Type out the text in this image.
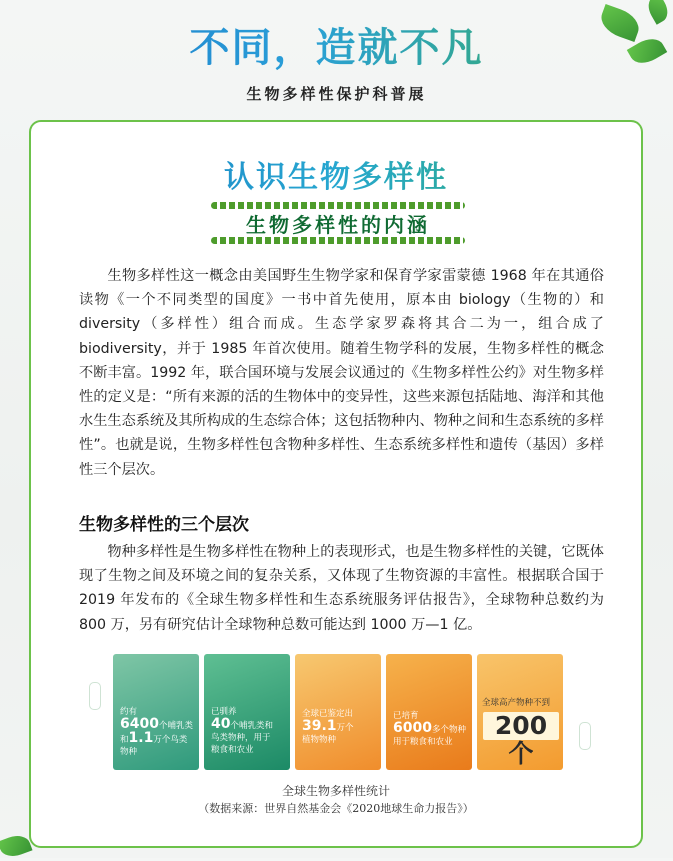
不同，造就不凡
生物多样性保护科普展
认识生物多样性
生物多样性的内涵
生物多样性这一概念由美国野生生物学家和保育学家雷蒙德 1968 年在其通俗读物《一个不同类型的国度》一书中首先使用，原本由 biology（生物的）和 diversity（多样性）组合而成。生态学家罗森将其合二为一，组合成了 biodiversity，并于 1985 年首次使用。随着生物学科的发展，生物多样性的概念不断丰富。1992 年，联合国环境与发展会议通过的《生物多样性公约》对生物多样性的定义是：“所有来源的活的生物体中的变异性，这些来源包括陆地、海洋和其他水生生态系统及其所构成的生态综合体；这包括物种内、物种之间和生态系统的多样性”。也就是说，生物多样性包含物种多样性、生态系统多样性和遗传（基因）多样性三个层次。
生物多样性的三个层次
物种多样性是生物多样性在物种上的表现形式，也是生物多样性的关键，它既体现了生物之间及环境之间的复杂关系，又体现了生物资源的丰富性。根据联合国于 2019 年发布的《全球生物多样性和生态系统服务评估报告》，全球物种总数约为 800 万，另有研究估计全球物种总数可能达到 1000 万—1 亿。
约有
6400个哺乳类
和1.1万个鸟类物种
已驯养
40个哺乳类和
鸟类物种，用于
粮食和农业
全球已鉴定出
39.1万个
植物物种
已培育
6000多个物种
用于粮食和农业
全球高产物种不到
200个
全球生物多样性统计
（数据来源：世界自然基金会《2020地球生命力报告》）
